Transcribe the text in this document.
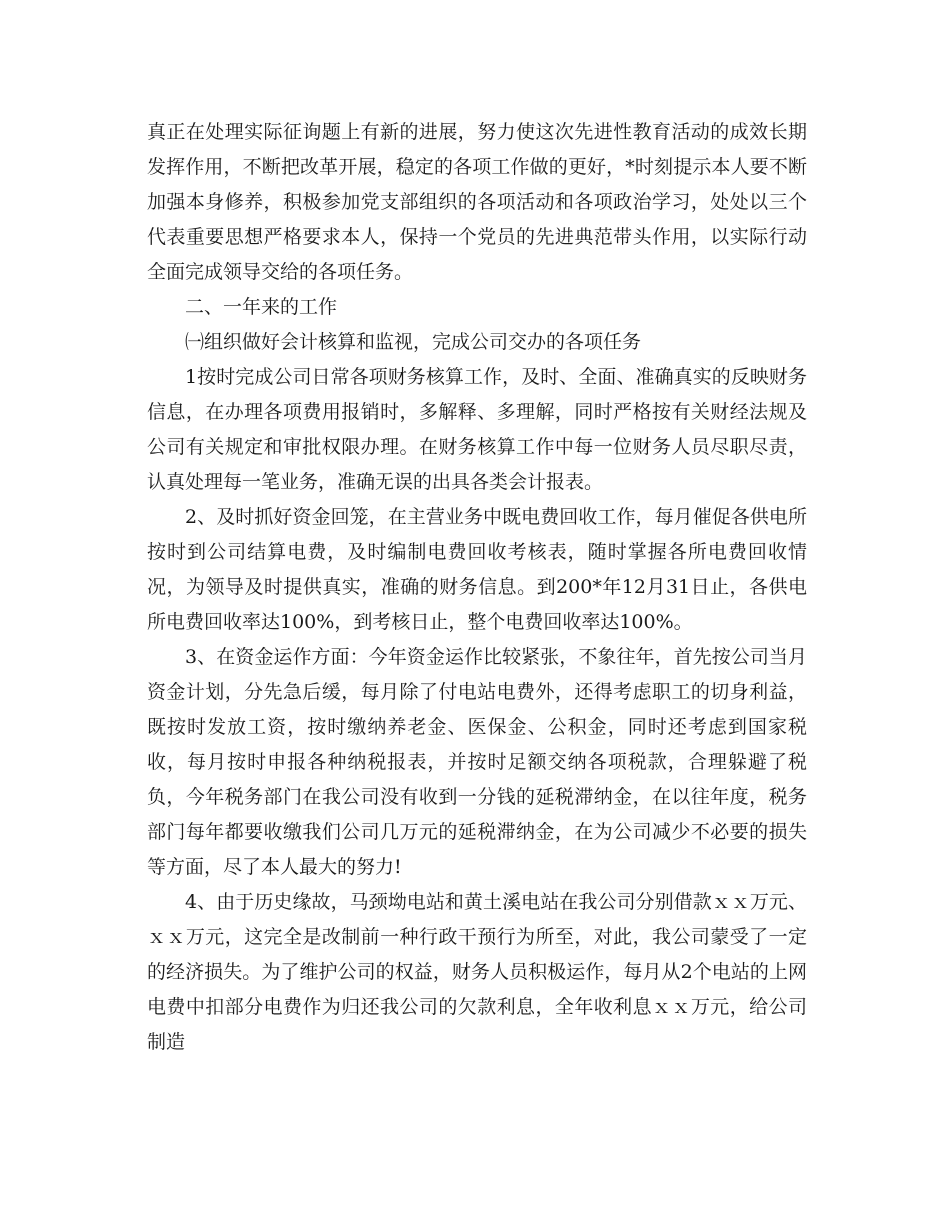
真正在处理实际征询题上有新的进展，努力使这次先进性教育活动的成效长期发挥作用，不断把改革开展，稳定的各项工作做的更好，*时刻提示本人要不断加强本身修养，积极参加党支部组织的各项活动和各项政治学习，处处以三个代表重要思想严格要求本人，保持一个党员的先进典范带头作用，以实际行动全面完成领导交给的各项任务。

二、一年来的工作

㈠组织做好会计核算和监视，完成公司交办的各项任务

1按时完成公司日常各项财务核算工作，及时、全面、准确真实的反映财务信息，在办理各项费用报销时，多解释、多理解，同时严格按有关财经法规及公司有关规定和审批权限办理。在财务核算工作中每一位财务人员尽职尽责，认真处理每一笔业务，准确无误的出具各类会计报表。

2、及时抓好资金回笼，在主营业务中既电费回收工作，每月催促各供电所按时到公司结算电费，及时编制电费回收考核表，随时掌握各所电费回收情况，为领导及时提供真实，准确的财务信息。到200*年12月31日止，各供电所电费回收率达100%，到考核日止，整个电费回收率达100%。

3、在资金运作方面：今年资金运作比较紧张，不象往年，首先按公司当月资金计划，分先急后缓，每月除了付电站电费外，还得考虑职工的切身利益，既按时发放工资，按时缴纳养老金、医保金、公积金，同时还考虑到国家税收，每月按时申报各种纳税报表，并按时足额交纳各项税款，合理躲避了税负，今年税务部门在我公司没有收到一分钱的延税滞纳金，在以往年度，税务部门每年都要收缴我们公司几万元的延税滞纳金，在为公司减少不必要的损失等方面，尽了本人最大的努力!

4、由于历史缘故，马颈坳电站和黄土溪电站在我公司分别借款ｘｘ万元、ｘｘ万元，这完全是改制前一种行政干预行为所至，对此，我公司蒙受了一定的经济损失。为了维护公司的权益，财务人员积极运作，每月从2个电站的上网电费中扣部分电费作为归还我公司的欠款利息，全年收利息ｘｘ万元，给公司制造
